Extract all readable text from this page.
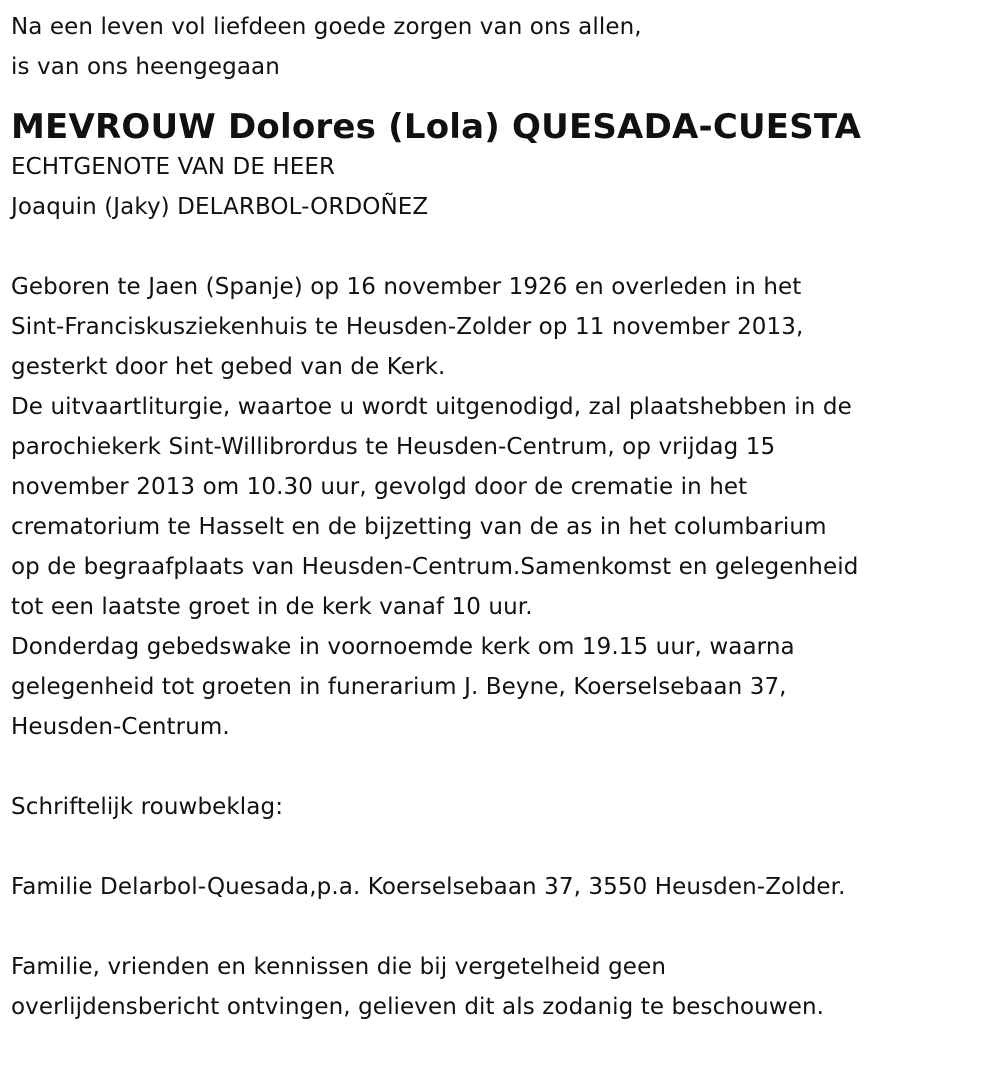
Na een leven vol liefdeen goede zorgen van ons allen,
is van ons heengegaan
MEVROUW Dolores (Lola) QUESADA-CUESTA
ECHTGENOTE VAN DE HEER
Joaquin (Jaky) DELARBOL-ORDOÑEZ
Geboren te Jaen (Spanje) op 16 november 1926 en overleden in het
Sint-Franciskusziekenhuis te Heusden-Zolder op 11 november 2013,
gesterkt door het gebed van de Kerk.
De uitvaartliturgie, waartoe u wordt uitgenodigd, zal plaatshebben in de
parochiekerk Sint-Willibrordus te Heusden-Centrum, op vrijdag 15
november 2013 om 10.30 uur, gevolgd door de crematie in het
crematorium te Hasselt en de bijzetting van de as in het columbarium
op de begraafplaats van Heusden-Centrum.Samenkomst en gelegenheid
tot een laatste groet in de kerk vanaf 10 uur.
Donderdag gebedswake in voornoemde kerk om 19.15 uur, waarna
gelegenheid tot groeten in funerarium J. Beyne, Koerselsebaan 37,
Heusden-Centrum.
Schriftelijk rouwbeklag:
Familie Delarbol-Quesada,p.a. Koerselsebaan 37, 3550 Heusden-Zolder.
Familie, vrienden en kennissen die bij vergetelheid geen
overlijdensbericht ontvingen, gelieven dit als zodanig te beschouwen.
